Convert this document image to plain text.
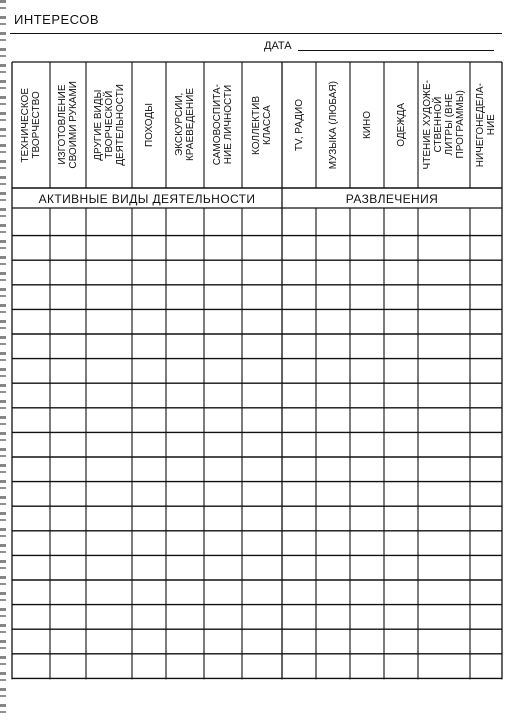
ИНТЕРЕСОВ
ДАТА
ТЕХНИЧЕСКОЕ
ТВОРЧЕСТВО ИЗГОТОВЛЕНИЕ
СВОИМИ РУКАМИ
ДРУГИЕ ВИДЫ
ТВОРЧЕСКОЙ
ДЕЯТЕЛЬНОСТИ ПОХОДЫ ЭКСКУРСИИ,
КРАЕВЕДЕНИЕ САМОВОСПИТА-
НИЕ ЛИЧНОСТИ КОЛЛЕКТИВ
КЛАССА TV, РАДИО МУЗЫКА (ЛЮБАЯ) КИНО ОДЕЖДА
ЧТЕНИЕ ХУДОЖЕ-
СТВЕННОЙ
ЛИТРЫ (ВНЕ
ПРОГРАММЫ) НИЧЕГОНЕДЕЛА-
НИЕ
АКТИВНЫЕ ВИДЫ ДЕЯТЕЛЬНОСТИ	РАЗВЛЕЧЕНИЯ
